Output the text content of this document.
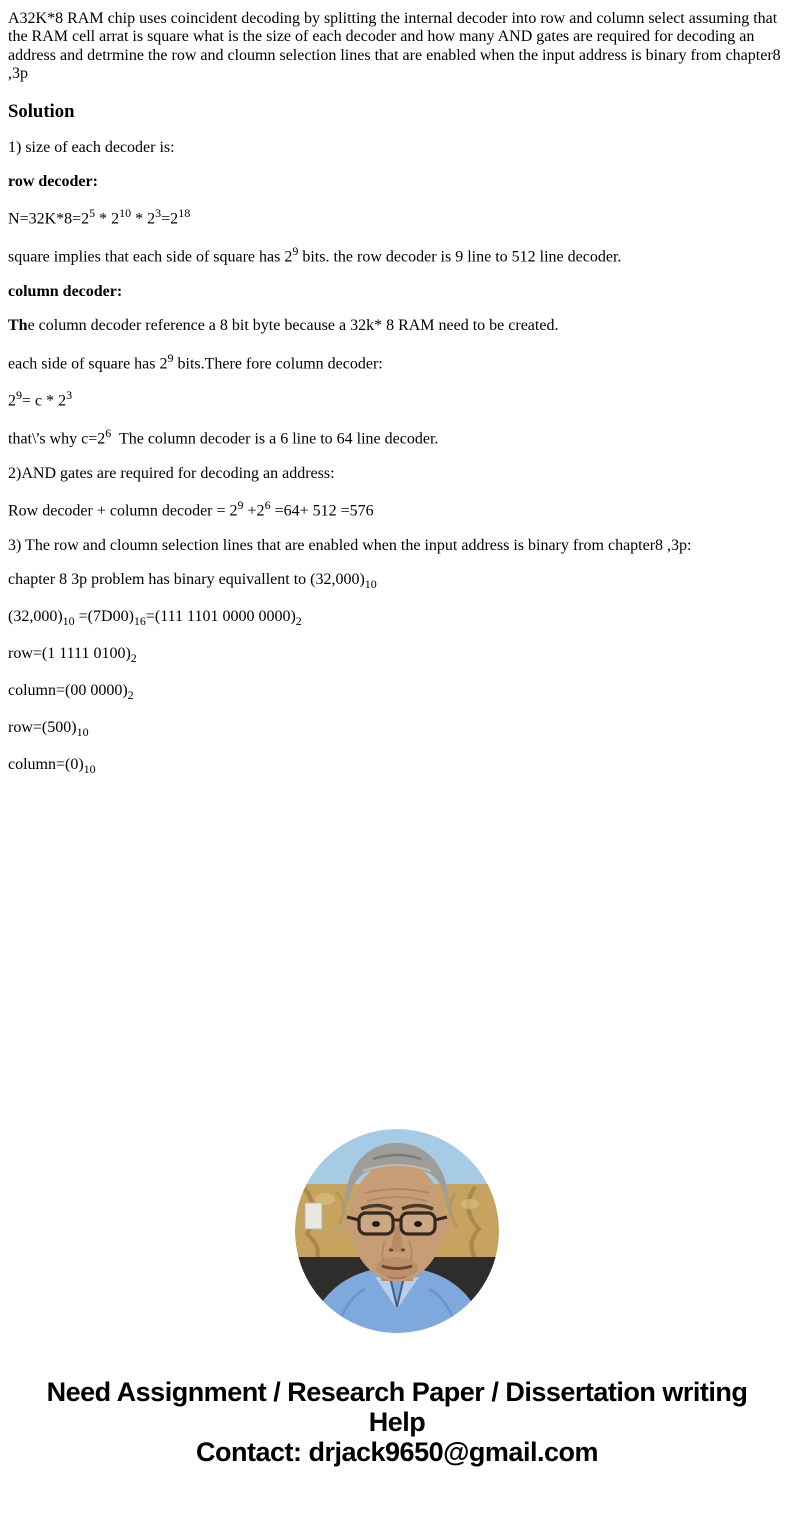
A32K*8 RAM chip uses coincident decoding by splitting the internal decoder into row and column select assuming that the RAM cell arrat is square what is the size of each decoder and how many AND gates are required for decoding an address and detrmine the row and cloumn selection lines that are enabled when the input address is binary from chapter8 ,3p

Solution

1) size of each decoder is:

row decoder:

$N=32K*8=2^5 * 2^{10} * 2^3=2^{18}$

square implies that each side of square has $2^9$ bits. the row decoder is 9 line to 512 line decoder.

column decoder:

The column decoder reference a 8 bit byte because a 32k* 8 RAM need to be created.

each side of square has $2^9$ bits.There fore column decoder:

$2^9= c * 2^3$

that\'s why $c=2^6$  The column decoder is a 6 line to 64 line decoder.

2)AND gates are required for decoding an address:

Row decoder + column decoder = $2^9 +2^6 =64+ 512 =576$

3) The row and cloumn selection lines that are enabled when the input address is binary from chapter8 ,3p:

chapter 8 3p problem has binary equivallent to $(32,000)_{10}$

$(32,000)_{10} =(7D00)_{16}=(111$ 1101 0000 $0000)_2$

row=(1 1111 $0100)_2$

column=(00 $0000)_2$

$row=(500)_{10}$

$column=(0)_{10}$

Need Assignment / Research Paper / Dissertation writing Help
Contact: drjack9650@gmail.com
